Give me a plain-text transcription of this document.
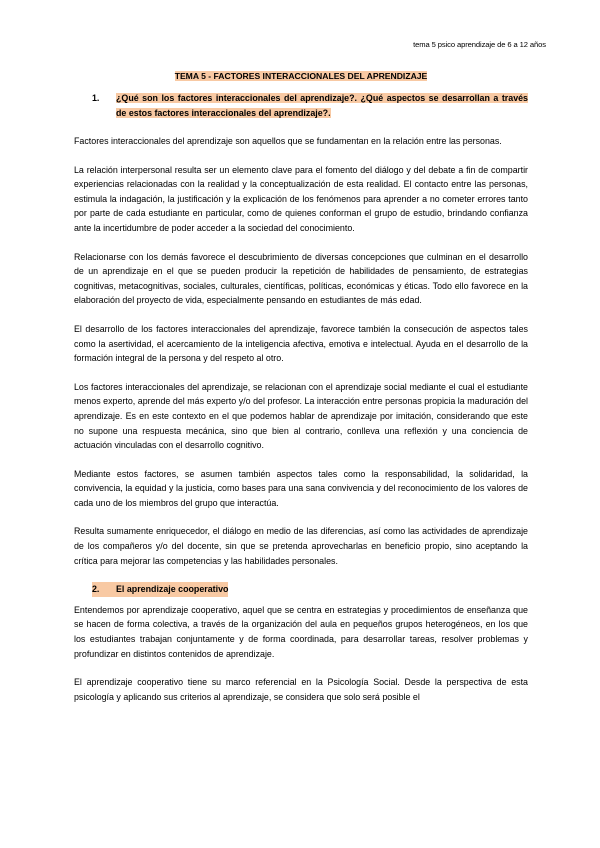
tema 5 psico aprendizaje de 6 a 12 años
TEMA 5 - FACTORES INTERACCIONALES DEL APRENDIZAJE
1.	¿Qué son los factores interaccionales del aprendizaje?. ¿Qué aspectos se desarrollan a través de estos factores interaccionales del aprendizaje?.

Factores interaccionales del aprendizaje son aquellos que se fundamentan en la relación entre las personas.

La relación interpersonal resulta ser un elemento clave para el fomento del diálogo y del debate a fin de compartir experiencias relacionadas con la realidad y la conceptualización de esta realidad. El contacto entre las personas, estimula la indagación, la justificación y la explicación de los fenómenos para aprender a no cometer errores tanto por parte de cada estudiante en particular, como de quienes conforman el grupo de estudio, brindando confianza ante la incertidumbre de poder acceder a la sociedad del conocimiento.

Relacionarse con los demás favorece el descubrimiento de diversas concepciones que culminan en el desarrollo de un aprendizaje en el que se pueden producir la repetición de habilidades de pensamiento, de estrategias cognitivas, metacognitivas, sociales, culturales, científicas, políticas, económicas y éticas. Todo ello favorece en la elaboración del proyecto de vida, especialmente pensando en estudiantes de más edad.

El desarrollo de los factores interaccionales del aprendizaje, favorece también la consecución de aspectos tales como la asertividad, el acercamiento de la inteligencia afectiva, emotiva e intelectual. Ayuda en el desarrollo de la formación integral de la persona y del respeto al otro.

Los factores interaccionales del aprendizaje, se relacionan con el aprendizaje social mediante el cual el estudiante menos experto, aprende del más experto y/o del profesor. La interacción entre personas propicia la maduración del aprendizaje. Es en este contexto en el que podemos hablar de aprendizaje por imitación, considerando que este no supone una respuesta mecánica, sino que bien al contrario, conlleva una reflexión y una conciencia de actuación vinculadas con el desarrollo cognitivo.

Mediante estos factores, se asumen también aspectos tales como la responsabilidad, la solidaridad, la convivencia, la equidad y la justicia, como bases para una sana convivencia y del reconocimiento de los valores de cada uno de los miembros del grupo que interactúa.

Resulta sumamente enriquecedor, el diálogo en medio de las diferencias, así como las actividades de aprendizaje de los compañeros y/o del docente, sin que se pretenda aprovecharlas en beneficio propio, sino aceptando la crítica para mejorar las competencias y las habilidades personales.

2. El aprendizaje cooperativo

Entendemos por aprendizaje cooperativo, aquel que se centra en estrategias y procedimientos de enseñanza que se hacen de forma colectiva, a través de la organización del aula en pequeños grupos heterogéneos, en los que los estudiantes trabajan conjuntamente y de forma coordinada, para desarrollar tareas, resolver problemas y profundizar en distintos contenidos de aprendizaje.

El aprendizaje cooperativo tiene su marco referencial en la Psicología Social. Desde la perspectiva de esta psicología y aplicando sus criterios al aprendizaje, se considera que solo será posible el
